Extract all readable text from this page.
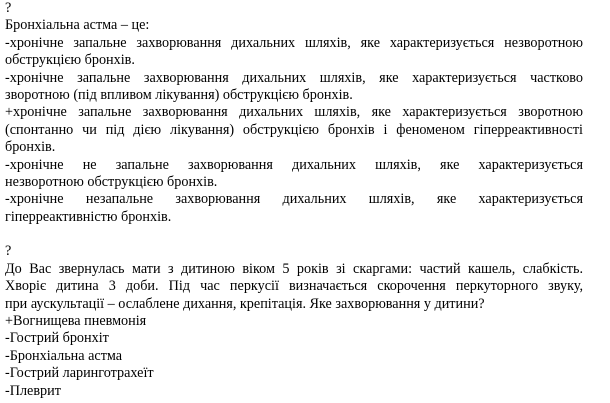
?
Бронхіальна астма – це:
-хронічне запальне захворювання дихальних шляхів, яке характеризується незворотною
обструкцією бронхів.
-хронічне запальне захворювання дихальних шляхів, яке характеризується частково
зворотною (під впливом лікування) обструкцією бронхів.
+хронічне запальне захворювання дихальних шляхів, яке характеризується зворотною
(спонтанно чи під дією лікування) обструкцією бронхів і феноменом гіперреактивності
бронхів.
-хронічне не запальне захворювання дихальних шляхів, яке характеризується
незворотною обструкцією бронхів.
-хронічне незапальне захворювання дихальних шляхів, яке характеризується
гіперреактивністю бронхів.
?
До Вас звернулась мати з дитиною віком 5 років зі скаргами: частий кашель, слабкість.
Хворіє дитина 3 доби. Під час перкусії визначається скорочення перкуторного звуку,
при аускультації – ослаблене дихання, крепітація. Яке захворювання у дитини?
+Вогнищева пневмонія
-Гострий бронхіт
-Бронхіальна астма
-Гострий ларинготрахеїт
-Плеврит
